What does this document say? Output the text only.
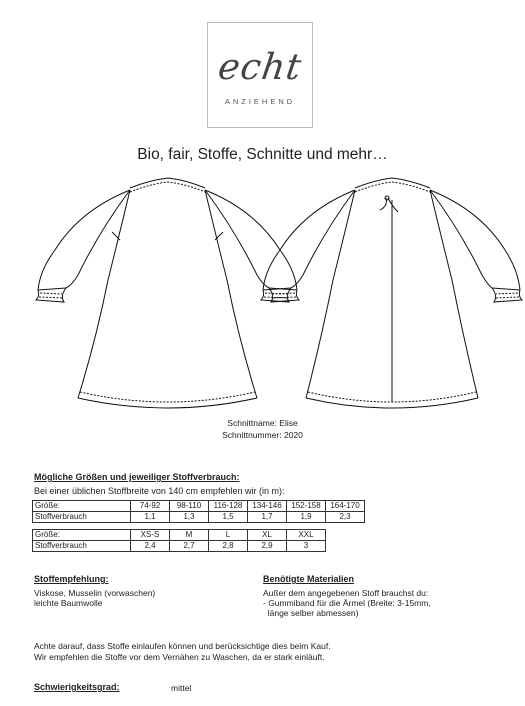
echt
ANZIEHEND
Bio, fair, Stoffe, Schnitte und mehr…
Schnittname: Elise
Schnittnummer: 2020
Mögliche Größen und jeweiliger Stoffverbrauch:
Bei einer üblichen Stoffbreite von 140 cm empfehlen wir (in m):
Größe:	74-92	98-110	116-128	134-146	152-158	164-170
Stoffverbrauch	1,1	1,3	1,5	1,7	1,9	2,3
Größe:	XS-S	M	L	XL	XXL
Stoffverbrauch	2,4	2,7	2,8	2,9	3
Stoffempfehlung:
Viskose, Musselin (vorwaschen)
leichte Baumwolle
Benötigte Materialien
Außer dem angegebenen Stoff brauchst du:
- Gummiband für die Ärmel (Breite: 3-15mm,
länge selber abmessen)
Achte darauf, dass Stoffe einlaufen können und berücksichtige dies beim Kauf.
Wir empfehlen die Stoffe vor dem Vernähen zu Waschen, da er stark einläuft.
Schwierigkeitsgrad:	mittel
